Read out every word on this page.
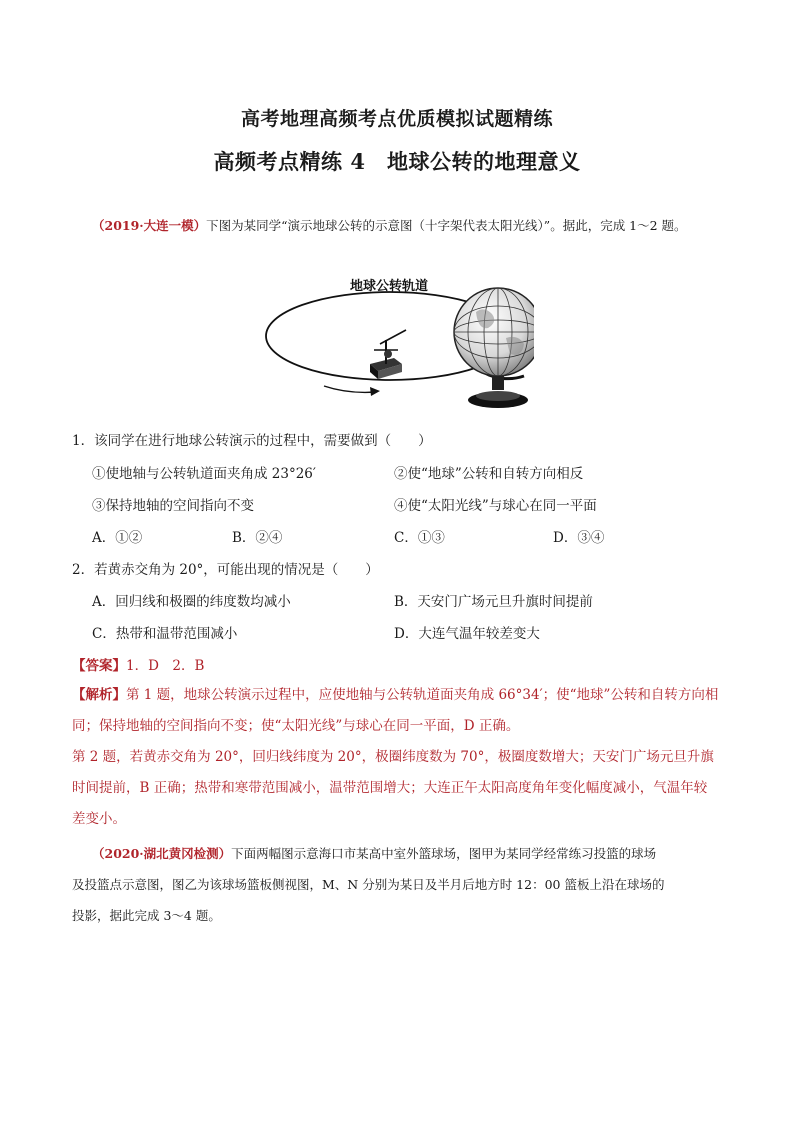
高考地理高频考点优质模拟试题精练
高频考点精练 4　地球公转的地理意义
（2019·大连一模）下图为某同学“演示地球公转的示意图（十字架代表太阳光线）”。据此，完成 1～2 题。
地球公转轨道
1．该同学在进行地球公转演示的过程中，需要做到（　　）
①使地轴与公转轨道面夹角成 23°26′	②使“地球”公转和自转方向相反
③保持地轴的空间指向不变	④使“太阳光线”与球心在同一平面
A．①②	B．②④	C．①③	D．③④
2．若黄赤交角为 20°，可能出现的情况是（　　）
A．回归线和极圈的纬度数均减小	B．天安门广场元旦升旗时间提前
C．热带和温带范围减小	D．大连气温年较差变大
【答案】1．D　2．B
【解析】第 1 题，地球公转演示过程中，应使地轴与公转轨道面夹角成 66°34′；使“地球”公转和自转方向相
同；保持地轴的空间指向不变；使“太阳光线”与球心在同一平面，D 正确。
第 2 题，若黄赤交角为 20°，回归线纬度为 20°，极圈纬度数为 70°，极圈度数增大；天安门广场元旦升旗
时间提前，B 正确；热带和寒带范围减小，温带范围增大；大连正午太阳高度角年变化幅度减小，气温年较
差变小。
（2020·湖北黄冈检测）下面两幅图示意海口市某高中室外篮球场，图甲为某同学经常练习投篮的球场
及投篮点示意图，图乙为该球场篮板侧视图，M、N 分别为某日及半月后地方时 12：00 篮板上沿在球场的
投影，据此完成 3～4 题。
